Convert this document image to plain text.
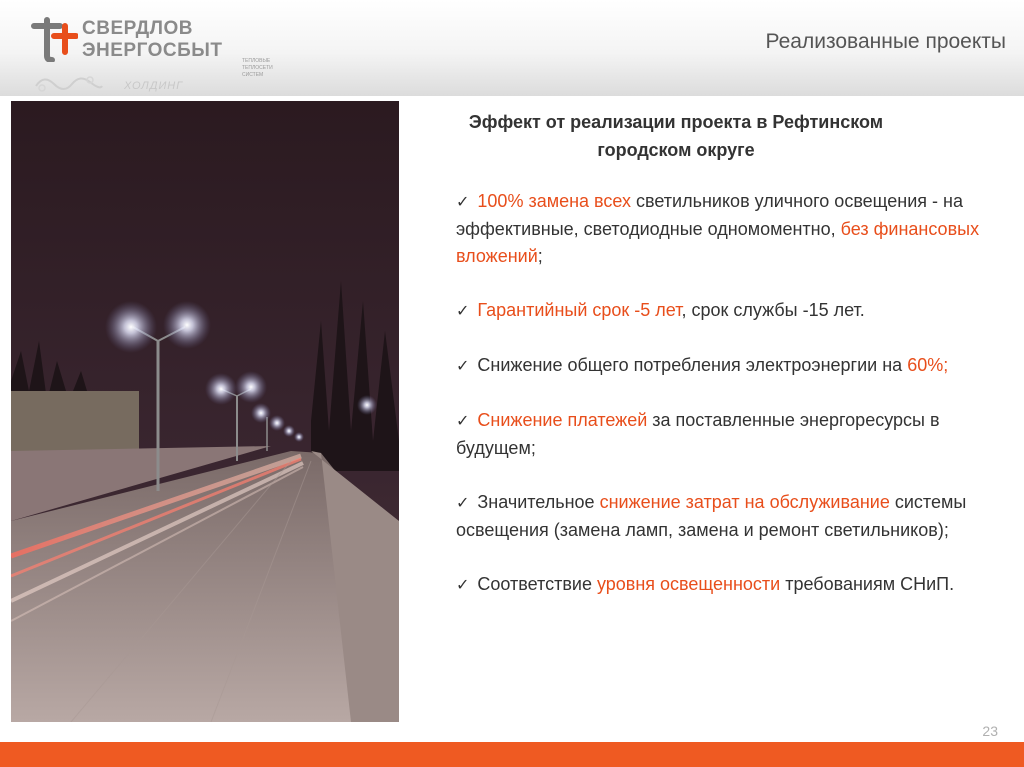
СВЕРДЛОВ
ЭНЕРГОСБЫТ	ТЕПЛОВЫЕ
ТЕПЛОСЕТИ
СИСТЕМ
ХОЛДИНГ
Реализованные проекты
Эффект от реализации проекта в Рефтинском городском округе
✓ 100% замена всех светильников уличного освещения - на эффективные, светодиодные одномоментно, без финансовых вложений;
✓ Гарантийный срок -5 лет, срок службы -15 лет.
✓ Снижение общего потребления электроэнергии на 60%;
✓ Снижение платежей за поставленные энергоресурсы в будущем;
✓ Значительное снижение затрат на обслуживание системы освещения (замена ламп, замена и ремонт светильников);
✓ Соответствие уровня освещенности требованиям СНиП.
23
